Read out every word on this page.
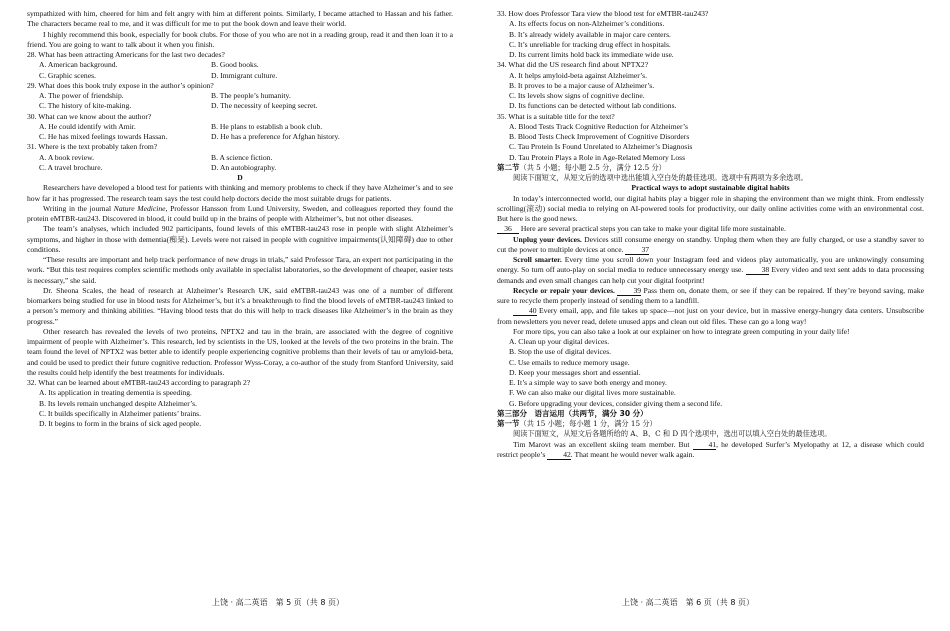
sympathized with him, cheered for him and felt angry with him at different points. Similarly, I became attached to Hassan and his father. The characters became real to me, and it was difficult for me to put the book down and leave their world.

I highly recommend this book, especially for book clubs. For those of you who are not in a reading group, read it and then loan it to a friend. You are going to want to talk about it when you finish.

28. What has been attracting Americans for the last two decades?

A. American background.	B. Good books.
C. Graphic scenes.	D. Immigrant culture.

29. What does this book truly expose in the author’s opinion?

A. The power of friendship.	B. The people’s humanity.
C. The history of kite-making.	D. The necessity of keeping secret.

30. What can we know about the author?

A. He could identify with Amir.	B. He plans to establish a book club.
C. He has mixed feelings towards Hassan.	D. He has a preference for Afghan history.

31. Where is the text probably taken from?

A. A book review.	B. A science fiction.
C. A travel brochure.	D. An autobiography.

D

Researchers have developed a blood test for patients with thinking and memory problems to check if they have Alzheimer’s and to see how far it has progressed. The research team says the test could help doctors decide the most suitable drugs for patients.

Writing in the journal Nature Medicine, Professor Hansson from Lund University, Sweden, and colleagues reported they found the protein eMTBR-tau243. Discovered in blood, it could build up in the brains of people with Alzheimer’s, but not other diseases.

The team’s analyses, which included 902 participants, found levels of this eMTBR-tau243 rose in people with slight Alzheimer’s symptoms, and higher in those with dementia(痴呆). Levels were not raised in people with cognitive impairments(认知障碍) due to other conditions.

“These results are important and help track performance of new drugs in trials,” said Professor Tara, an expert not participating in the work. “But this test requires complex scientific methods only available in specialist laboratories, so the development of cheaper, easier tests is necessary,” she said.

Dr. Sheona Scales, the head of research at Alzheimer’s Research UK, said eMTBR-tau243 was one of a number of different biomarkers being studied for use in blood tests for Alzheimer’s, but it’s a breakthrough to find the blood levels of eMTBR-tau243 linked to a person’s memory and thinking abilities. “Having blood tests that do this will help to track diseases like Alzheimer’s in the brain as they progress.”

Other research has revealed the levels of two proteins, NPTX2 and tau in the brain, are associated with the degree of cognitive impairment of people with Alzheimer’s. This research, led by scientists in the US, looked at the levels of the two proteins in the brain. The team found the level of NPTX2 was better able to identify people experiencing cognitive problems than their levels of tau or amyloid-beta, and could be used to predict their future cognitive reduction. Professor Wyss-Coray, a co-author of the study from Stanford University, said the results could help identify the best treatments for individuals.

32. What can be learned about eMTBR-tau243 according to paragraph 2?

A. Its application in treating dementia is speeding.

B. Its levels remain unchanged despite Alzheimer’s.

C. It builds specifically in Alzheimer patients’ brains.

D. It begins to form in the brains of sick aged people.

33. How does Professor Tara view the blood test for eMTBR-tau243?

A. Its effects focus on non-Alzheimer’s conditions.

B. It’s already widely available in major care centers.

C. It’s unreliable for tracking drug effect in hospitals.

D. Its current limits hold back its immediate wide use.

34. What did the US research find about NPTX2?

A. It helps amyloid-beta against Alzheimer’s.

B. It proves to be a major cause of Alzheimer’s.

C. Its levels show signs of cognitive decline.

D. Its functions can be detected without lab conditions.

35. What is a suitable title for the text?

A. Blood Tests Track Cognitive Reduction for Alzheimer’s

B. Blood Tests Check Improvement of Cognitive Disorders

C. Tau Protein Is Found Unrelated to Alzheimer’s Diagnosis

D. Tau Protein Plays a Role in Age-Related Memory Loss

第二节（共 5 小题；每小题 2.5 分，满分 12.5 分）

阅读下面短文，从短文后的选项中选出能填入空白处的最佳选项。选项中有两项为多余选项。

Practical ways to adopt sustainable digital habits

In today’s interconnected world, our digital habits play a bigger role in shaping the environment than we might think. From endlessly scrolling(滚动) social media to relying on AI-powered tools for productivity, our daily online activities come with an environmental cost. But here is the good news.

36 Here are several practical steps you can take to make your digital life more sustainable.

Unplug your devices. Devices still consume energy on standby. Unplug them when they are fully charged, or use a standby saver to cut the power to multiple devices at once. 37

Scroll smarter. Every time you scroll down your Instagram feed and videos play automatically, you are unknowingly consuming energy. So turn off auto-play on social media to reduce unnecessary energy use. 38 Every video and text sent adds to data processing demands and even small changes can help cut your digital footprint!

Recycle or repair your devices. 39 Pass them on, donate them, or see if they can be repaired. If they’re beyond saving, make sure to recycle them properly instead of sending them to a landfill.

40 Every email, app, and file takes up space—not just on your device, but in massive energy-hungry data centers. Unsubscribe from newsletters you never read, delete unused apps and clean out old files. These can go a long way!

For more tips, you can also take a look at our explainer on how to integrate green computing in your daily life!

A. Clean up your digital devices.

B. Stop the use of digital devices.

C. Use emails to reduce memory usage.

D. Keep your messages short and essential.

E. It’s a simple way to save both energy and money.

F. We can also make our digital lives more sustainable.

G. Before upgrading your devices, consider giving them a second life.

第三部分　 语言运用（共两节，满分 30 分）

第一节（共 15 小题；每小题 1 分，满分 15 分）

阅读下面短文，从短文后各题所给的 A、B、C 和 D 四个选项中，选出可以填入空白处的最佳选项。

Tim Marovt was an excellent skiing team member. But 41, he developed Surfer’s Myelopathy at 12, a disease which could restrict people’s 42. That meant he would never walk again.

上饶 · 高二英语　第 5 页（共 8 页）	上饶 · 高二英语　第 6 页（共 8 页）
